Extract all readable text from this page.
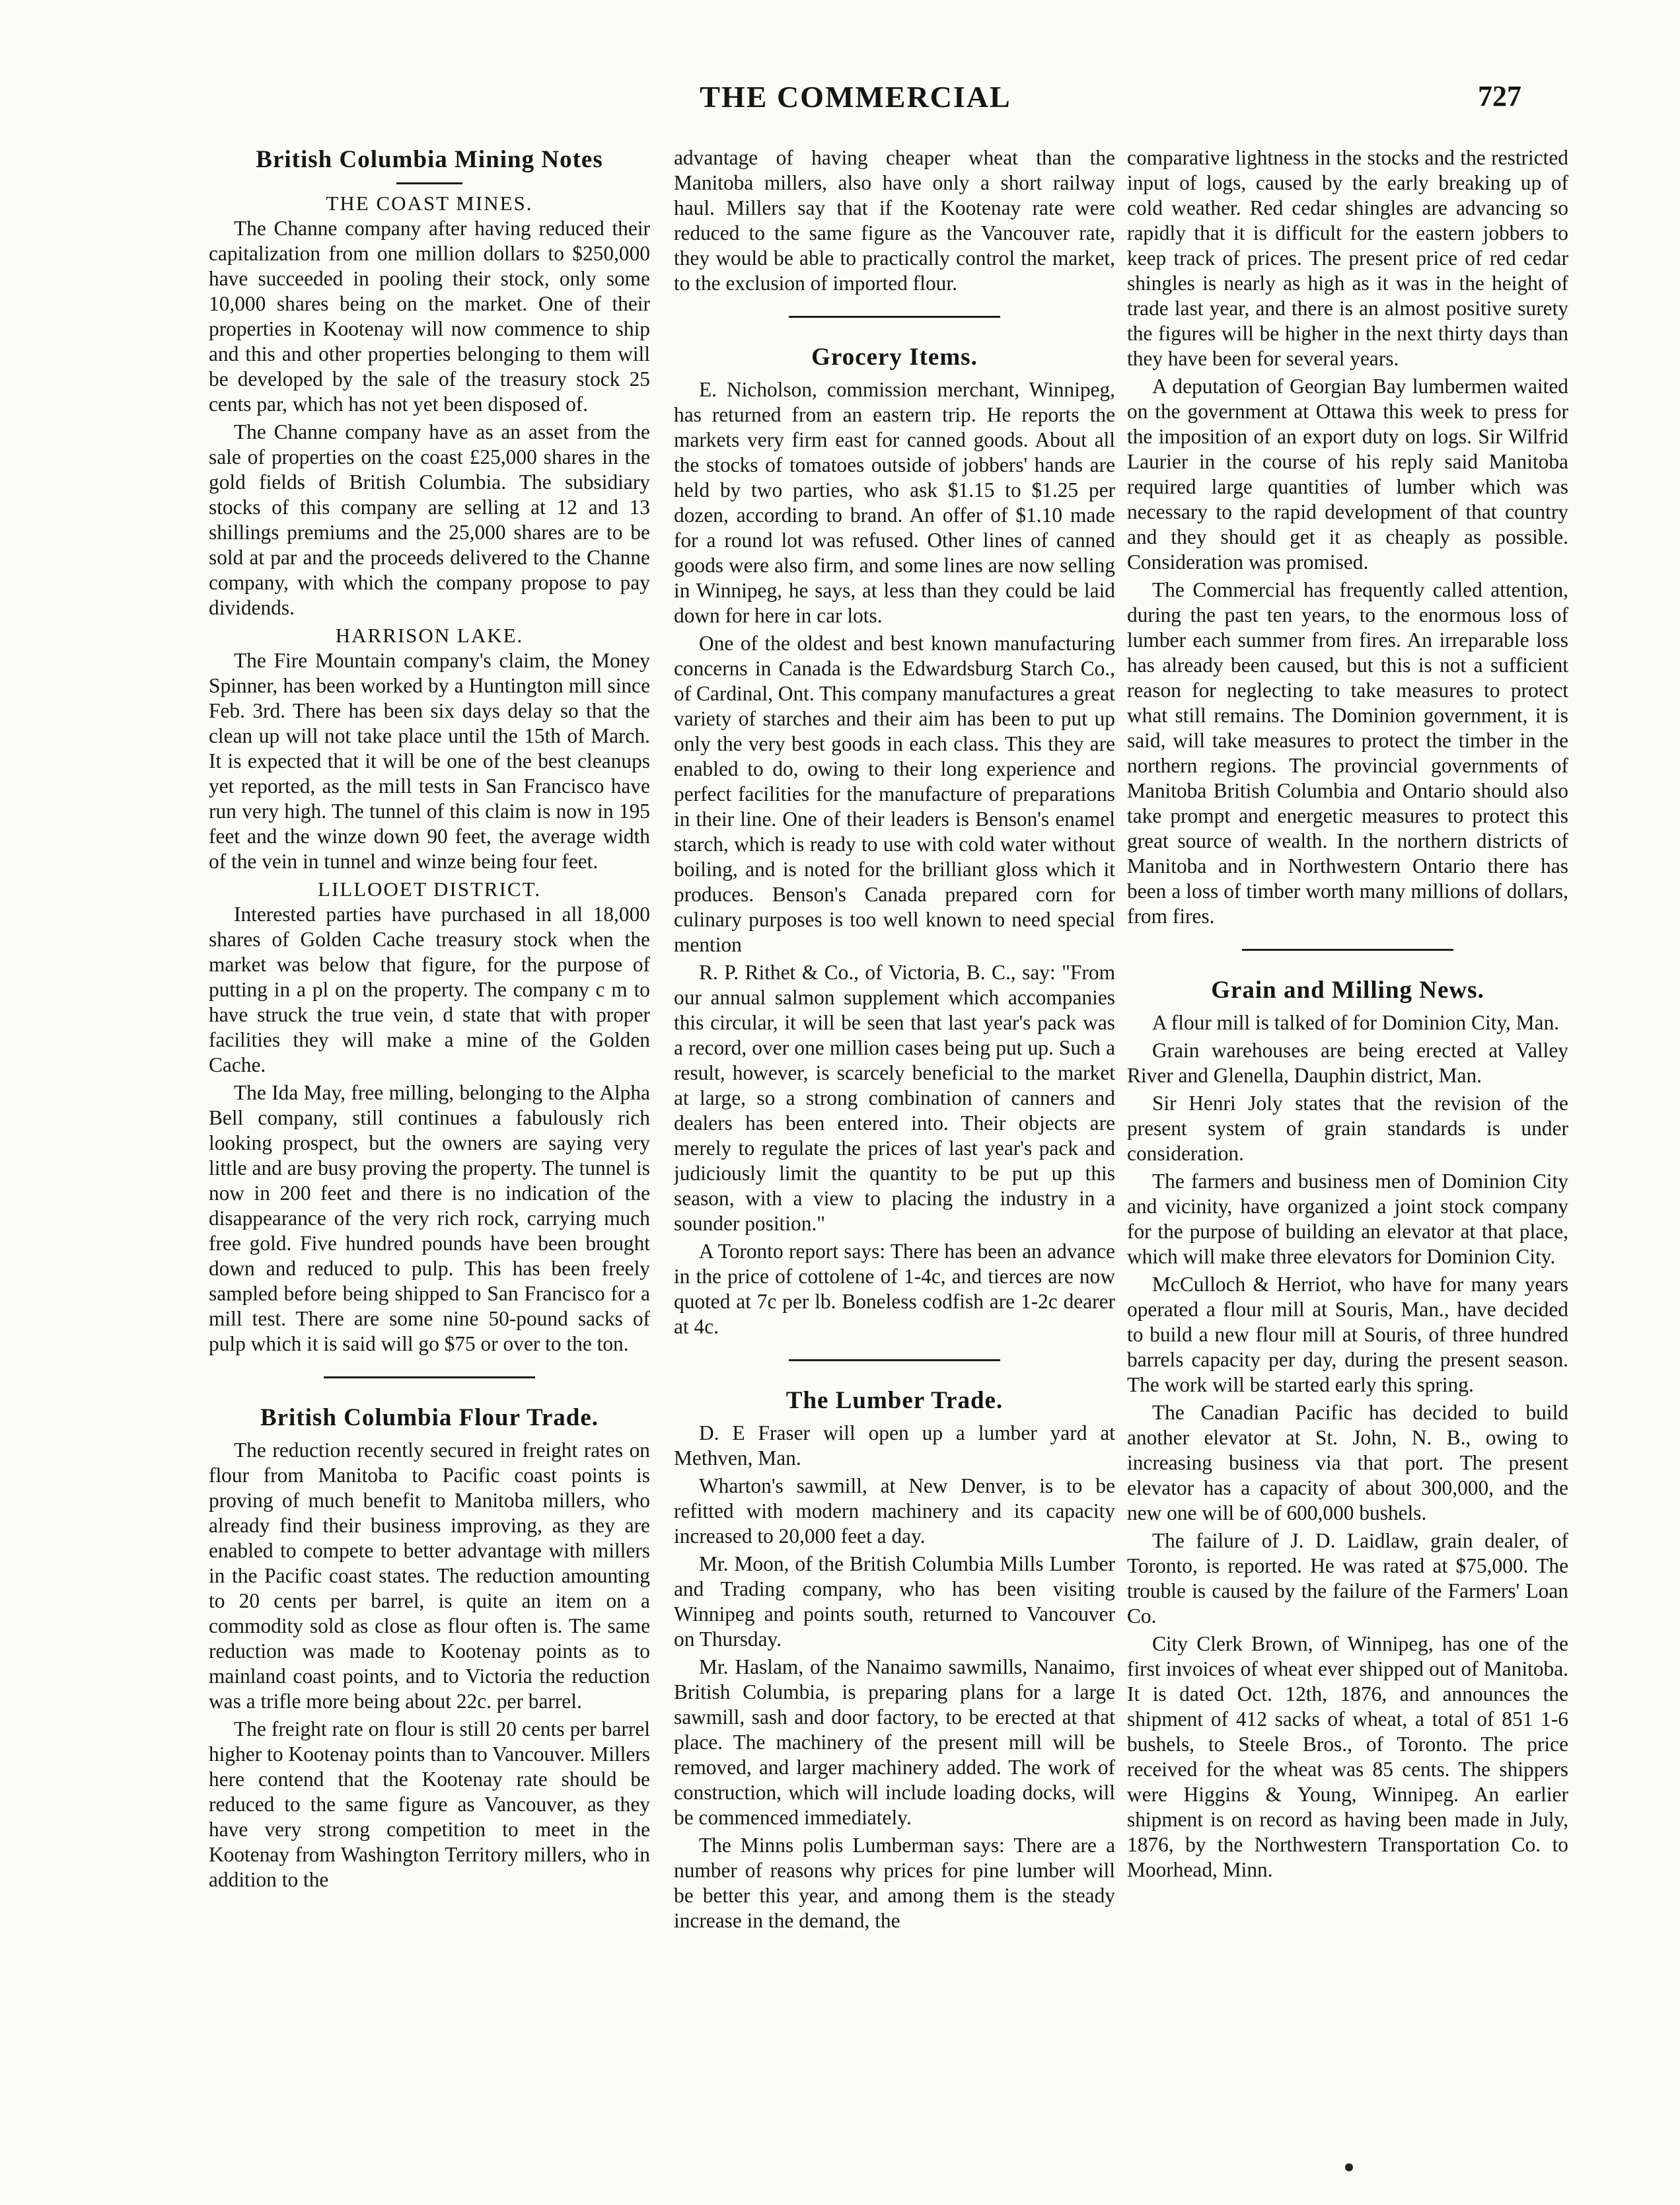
THE COMMERCIAL	727
British Columbia Mining Notes
THE COAST MINES.

The Channe company after having reduced their capitalization from one million dollars to $250,000 have succeeded in pooling their stock, only some 10,000 shares being on the market. One of their properties in Kootenay will now commence to ship and this and other properties belonging to them will be developed by the sale of the treasury stock 25 cents par, which has not yet been disposed of.

The Channe company have as an asset from the sale of properties on the coast £25,000 shares in the gold fields of British Columbia. The subsidiary stocks of this company are selling at 12 and 13 shillings premiums and the 25,000 shares are to be sold at par and the proceeds delivered to the Channe company, with which the company propose to pay dividends.

HARRISON LAKE.

The Fire Mountain company's claim, the Money Spinner, has been worked by a Huntington mill since Feb. 3rd. There has been six days delay so that the clean up will not take place until the 15th of March. It is expected that it will be one of the best cleanups yet reported, as the mill tests in San Francisco have run very high. The tunnel of this claim is now in 195 feet and the winze down 90 feet, the average width of the vein in tunnel and winze being four feet.

LILLOOET DISTRICT.

Interested parties have purchased in all 18,000 shares of Golden Cache treasury stock when the market was below that figure, for the purpose of putting in a pl on the property. The company c m to have struck the true vein, d state that with proper facilities they will make a mine of the Golden Cache.

The Ida May, free milling, belonging to the Alpha Bell company, still continues a fabulously rich looking prospect, but the owners are saying very little and are busy proving the property. The tunnel is now in 200 feet and there is no indication of the disappearance of the very rich rock, carrying much free gold. Five hundred pounds have been brought down and reduced to pulp. This has been freely sampled before being shipped to San Francisco for a mill test. There are some nine 50-pound sacks of pulp which it is said will go $75 or over to the ton.

British Columbia Flour Trade.

The reduction recently secured in freight rates on flour from Manitoba to Pacific coast points is proving of much benefit to Manitoba millers, who already find their business improving, as they are enabled to compete to better advantage with millers in the Pacific coast states. The reduction amounting to 20 cents per barrel, is quite an item on a commodity sold as close as flour often is. The same reduction was made to Kootenay points as to mainland coast points, and to Victoria the reduction was a trifle more being about 22c. per barrel.

The freight rate on flour is still 20 cents per barrel higher to Kootenay points than to Vancouver. Millers here contend that the Kootenay rate should be reduced to the same figure as Vancouver, as they have very strong competition to meet in the Kootenay from Washington Territory millers, who in addition to the

advantage of having cheaper wheat than the Manitoba millers, also have only a short railway haul. Millers say that if the Kootenay rate were reduced to the same figure as the Vancouver rate, they would be able to practically control the market, to the exclusion of imported flour.

Grocery Items.

E. Nicholson, commission merchant, Winnipeg, has returned from an eastern trip. He reports the markets very firm east for canned goods. About all the stocks of tomatoes outside of jobbers' hands are held by two parties, who ask $1.15 to $1.25 per dozen, according to brand. An offer of $1.10 made for a round lot was refused. Other lines of canned goods were also firm, and some lines are now selling in Winnipeg, he says, at less than they could be laid down for here in car lots.

One of the oldest and best known manufacturing concerns in Canada is the Edwardsburg Starch Co., of Cardinal, Ont. This company manufactures a great variety of starches and their aim has been to put up only the very best goods in each class. This they are enabled to do, owing to their long experience and perfect facilities for the manufacture of preparations in their line. One of their leaders is Benson's enamel starch, which is ready to use with cold water without boiling, and is noted for the brilliant gloss which it produces. Benson's Canada prepared corn for culinary purposes is too well known to need special mention

R. P. Rithet & Co., of Victoria, B. C., say: "From our annual salmon supplement which accompanies this circular, it will be seen that last year's pack was a record, over one million cases being put up. Such a result, however, is scarcely beneficial to the market at large, so a strong combination of canners and dealers has been entered into. Their objects are merely to regulate the prices of last year's pack and judiciously limit the quantity to be put up this season, with a view to placing the industry in a sounder position."

A Toronto report says: There has been an advance in the price of cottolene of 1-4c, and tierces are now quoted at 7c per lb. Boneless codfish are 1-2c dearer at 4c.

The Lumber Trade.

D. E Fraser will open up a lumber yard at Methven, Man.

Wharton's sawmill, at New Denver, is to be refitted with modern machinery and its capacity increased to 20,000 feet a day.

Mr. Moon, of the British Columbia Mills Lumber and Trading company, who has been visiting Winnipeg and points south, returned to Vancouver on Thursday.

Mr. Haslam, of the Nanaimo sawmills, Nanaimo, British Columbia, is preparing plans for a large sawmill, sash and door factory, to be erected at that place. The machinery of the present mill will be removed, and larger machinery added. The work of construction, which will include loading docks, will be commenced immediately.

The Minns polis Lumberman says: There are a number of reasons why prices for pine lumber will be better this year, and among them is the steady increase in the demand, the

comparative lightness in the stocks and the restricted input of logs, caused by the early breaking up of cold weather. Red cedar shingles are advancing so rapidly that it is difficult for the eastern jobbers to keep track of prices. The present price of red cedar shingles is nearly as high as it was in the height of trade last year, and there is an almost positive surety the figures will be higher in the next thirty days than they have been for several years.

A deputation of Georgian Bay lumbermen waited on the government at Ottawa this week to press for the imposition of an export duty on logs. Sir Wilfrid Laurier in the course of his reply said Manitoba required large quantities of lumber which was necessary to the rapid development of that country and they should get it as cheaply as possible. Consideration was promised.

The Commercial has frequently called attention, during the past ten years, to the enormous loss of lumber each summer from fires. An irreparable loss has already been caused, but this is not a sufficient reason for neglecting to take measures to protect what still remains. The Dominion government, it is said, will take measures to protect the timber in the northern regions. The provincial governments of Manitoba British Columbia and Ontario should also take prompt and energetic measures to protect this great source of wealth. In the northern districts of Manitoba and in Northwestern Ontario there has been a loss of timber worth many millions of dollars, from fires.

Grain and Milling News.

A flour mill is talked of for Dominion City, Man.

Grain warehouses are being erected at Valley River and Glenella, Dauphin district, Man.

Sir Henri Joly states that the revision of the present system of grain standards is under consideration.

The farmers and business men of Dominion City and vicinity, have organized a joint stock company for the purpose of building an elevator at that place, which will make three elevators for Dominion City.

McCulloch & Herriot, who have for many years operated a flour mill at Souris, Man., have decided to build a new flour mill at Souris, of three hundred barrels capacity per day, during the present season. The work will be started early this spring.

The Canadian Pacific has decided to build another elevator at St. John, N. B., owing to increasing business via that port. The present elevator has a capacity of about 300,000, and the new one will be of 600,000 bushels.

The failure of J. D. Laidlaw, grain dealer, of Toronto, is reported. He was rated at $75,000. The trouble is caused by the failure of the Farmers' Loan Co.

City Clerk Brown, of Winnipeg, has one of the first invoices of wheat ever shipped out of Manitoba. It is dated Oct. 12th, 1876, and announces the shipment of 412 sacks of wheat, a total of 851 1-6 bushels, to Steele Bros., of Toronto. The price received for the wheat was 85 cents. The shippers were Higgins & Young, Winnipeg. An earlier shipment is on record as having been made in July, 1876, by the Northwestern Transportation Co. to Moorhead, Minn.
